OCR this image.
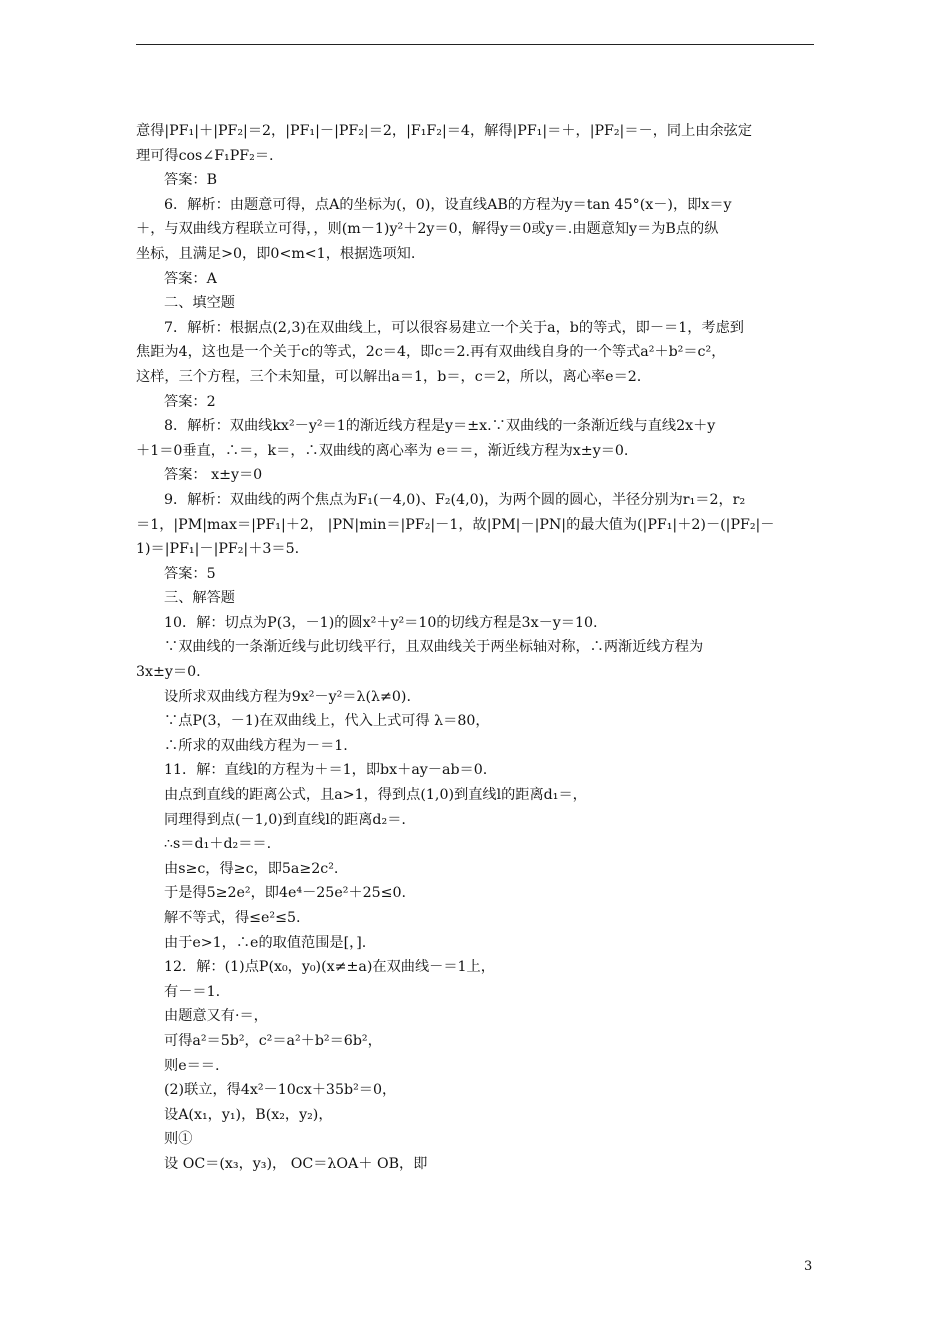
意得|PF₁|＋|PF₂|＝2，|PF₁|－|PF₂|＝2，|F₁F₂|＝4，解得|PF₁|＝＋，|PF₂|＝－，同上由余弦定
理可得cos∠F₁PF₂＝.
答案：B
6．解析：由题意可得，点A的坐标为(，0)，设直线AB的方程为y＝tan 45°(x－)，即x＝y
＋，与双曲线方程联立可得，，则(m－1)y²＋2y＝0，解得y＝0或y＝.由题意知y＝为B点的纵
坐标，且满足>0，即0<m<1，根据选项知.
答案：A
二、填空题
7．解析：根据点(2,3)在双曲线上，可以很容易建立一个关于a，b的等式，即－＝1，考虑到
焦距为4，这也是一个关于c的等式，2c＝4，即c＝2.再有双曲线自身的一个等式a²＋b²＝c²，
这样，三个方程，三个未知量，可以解出a＝1，b＝，c＝2，所以，离心率e＝2.
答案：2
8．解析：双曲线kx²－y²＝1的渐近线方程是y＝±x.∵双曲线的一条渐近线与直线2x＋y
＋1＝0垂直，∴＝，k＝，∴双曲线的离心率为 e＝＝，渐近线方程为x±y＝0.
答案： x±y＝0
9．解析：双曲线的两个焦点为F₁(－4,0)、F₂(4,0)，为两个圆的圆心，半径分别为r₁＝2，r₂
＝1，|PM|max＝|PF₁|＋2， |PN|min＝|PF₂|－1，故|PM|－|PN|的最大值为(|PF₁|＋2)－(|PF₂|－
1)＝|PF₁|－|PF₂|＋3＝5.
答案：5
三、解答题
10．解：切点为P(3，－1)的圆x²＋y²＝10的切线方程是3x－y＝10.
∵双曲线的一条渐近线与此切线平行，且双曲线关于两坐标轴对称，∴两渐近线方程为
3x±y＝0.
设所求双曲线方程为9x²－y²＝λ(λ≠0).
∵点P(3，－1)在双曲线上，代入上式可得 λ＝80，
∴所求的双曲线方程为－＝1.
11．解：直线l的方程为＋＝1，即bx＋ay－ab＝0.
由点到直线的距离公式，且a>1，得到点(1,0)到直线l的距离d₁＝，
同理得到点(－1,0)到直线l的距离d₂＝.
∴s＝d₁＋d₂＝＝.
由s≥c，得≥c，即5a≥2c².
于是得5≥2e²，即4e⁴－25e²＋25≤0.
解不等式，得≤e²≤5.
由于e>1，∴e的取值范围是[，].
12．解：(1)点P(x₀，y₀)(x≠±a)在双曲线－＝1上，
有－＝1.
由题意又有·＝，
可得a²＝5b²，c²＝a²＋b²＝6b²，
则e＝＝.
(2)联立，得4x²－10cx＋35b²＝0，
设A(x₁，y₁)，B(x₂，y₂)，
则①
设 OC＝(x₃，y₃)， OC＝λOA＋ OB，即
3
